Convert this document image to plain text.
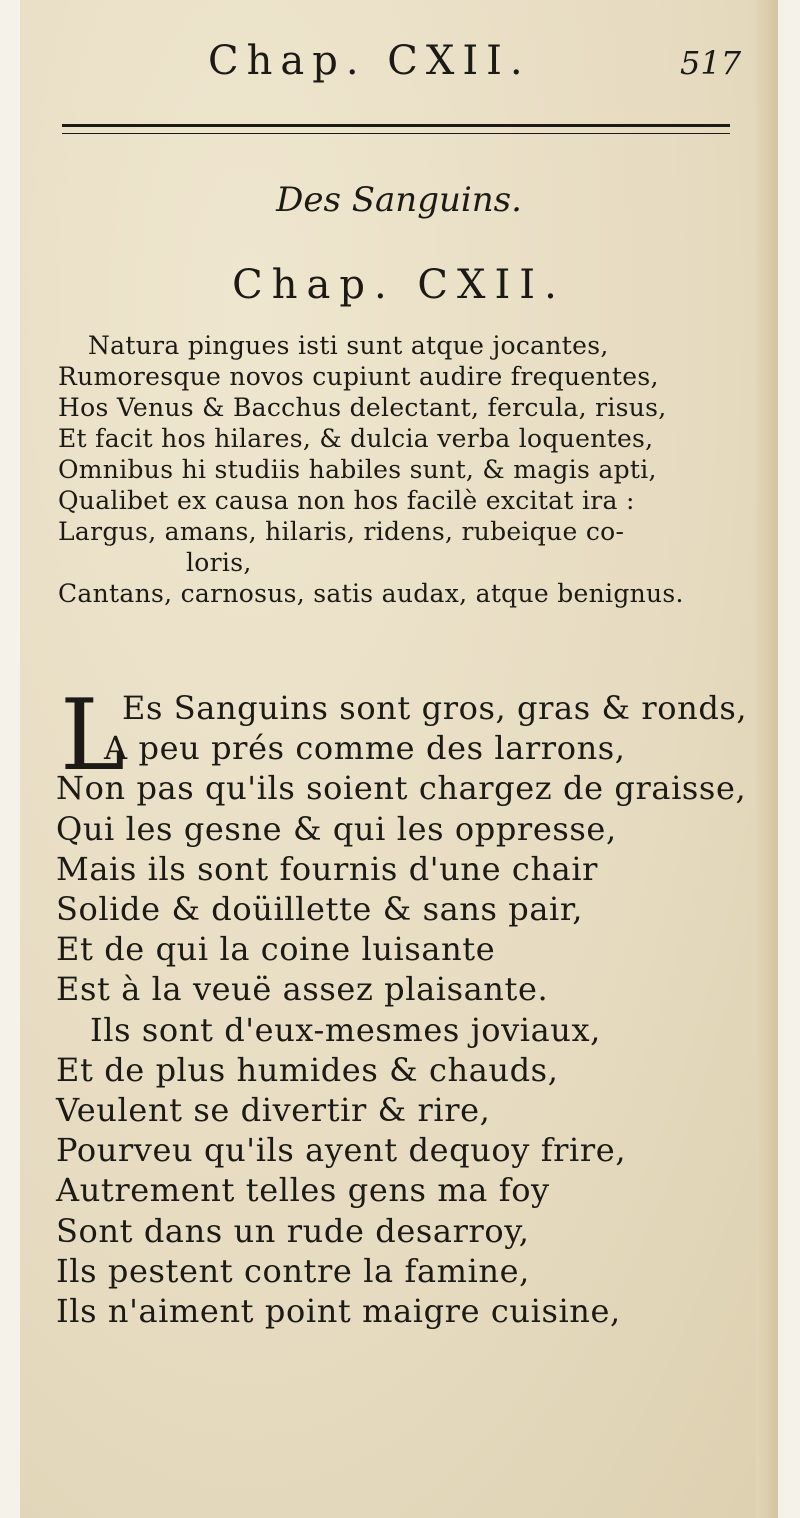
Chap. CXII.	517
Des Sanguins.
Chap. CXII.
Natura pingues isti sunt atque jocantes,
Rumoresque novos cupiunt audire frequentes,
Hos Venus & Bacchus delectant, fercula, risus,
Et facit hos hilares, & dulcia verba loquentes,
Omnibus hi studiis habiles sunt, & magis apti,
Qualibet ex causa non hos facilè excitat ira :
Largus, amans, hilaris, ridens, rubeique co-
loris,
Cantans, carnosus, satis audax, atque benignus.
L
Es Sanguins sont gros, gras & ronds,
A peu prés comme des larrons,
Non pas qu'ils soient chargez de graisse,
Qui les gesne & qui les oppresse,
Mais ils sont fournis d'une chair
Solide & doüillette & sans pair,
Et de qui la coine luisante
Est à la veuë assez plaisante.
Ils sont d'eux-mesmes joviaux,
Et de plus humides & chauds,
Veulent se divertir & rire,
Pourveu qu'ils ayent dequoy frire,
Autrement telles gens ma foy
Sont dans un rude desarroy,
Ils pestent contre la famine,
Ils n'aiment point maigre cuisine,
